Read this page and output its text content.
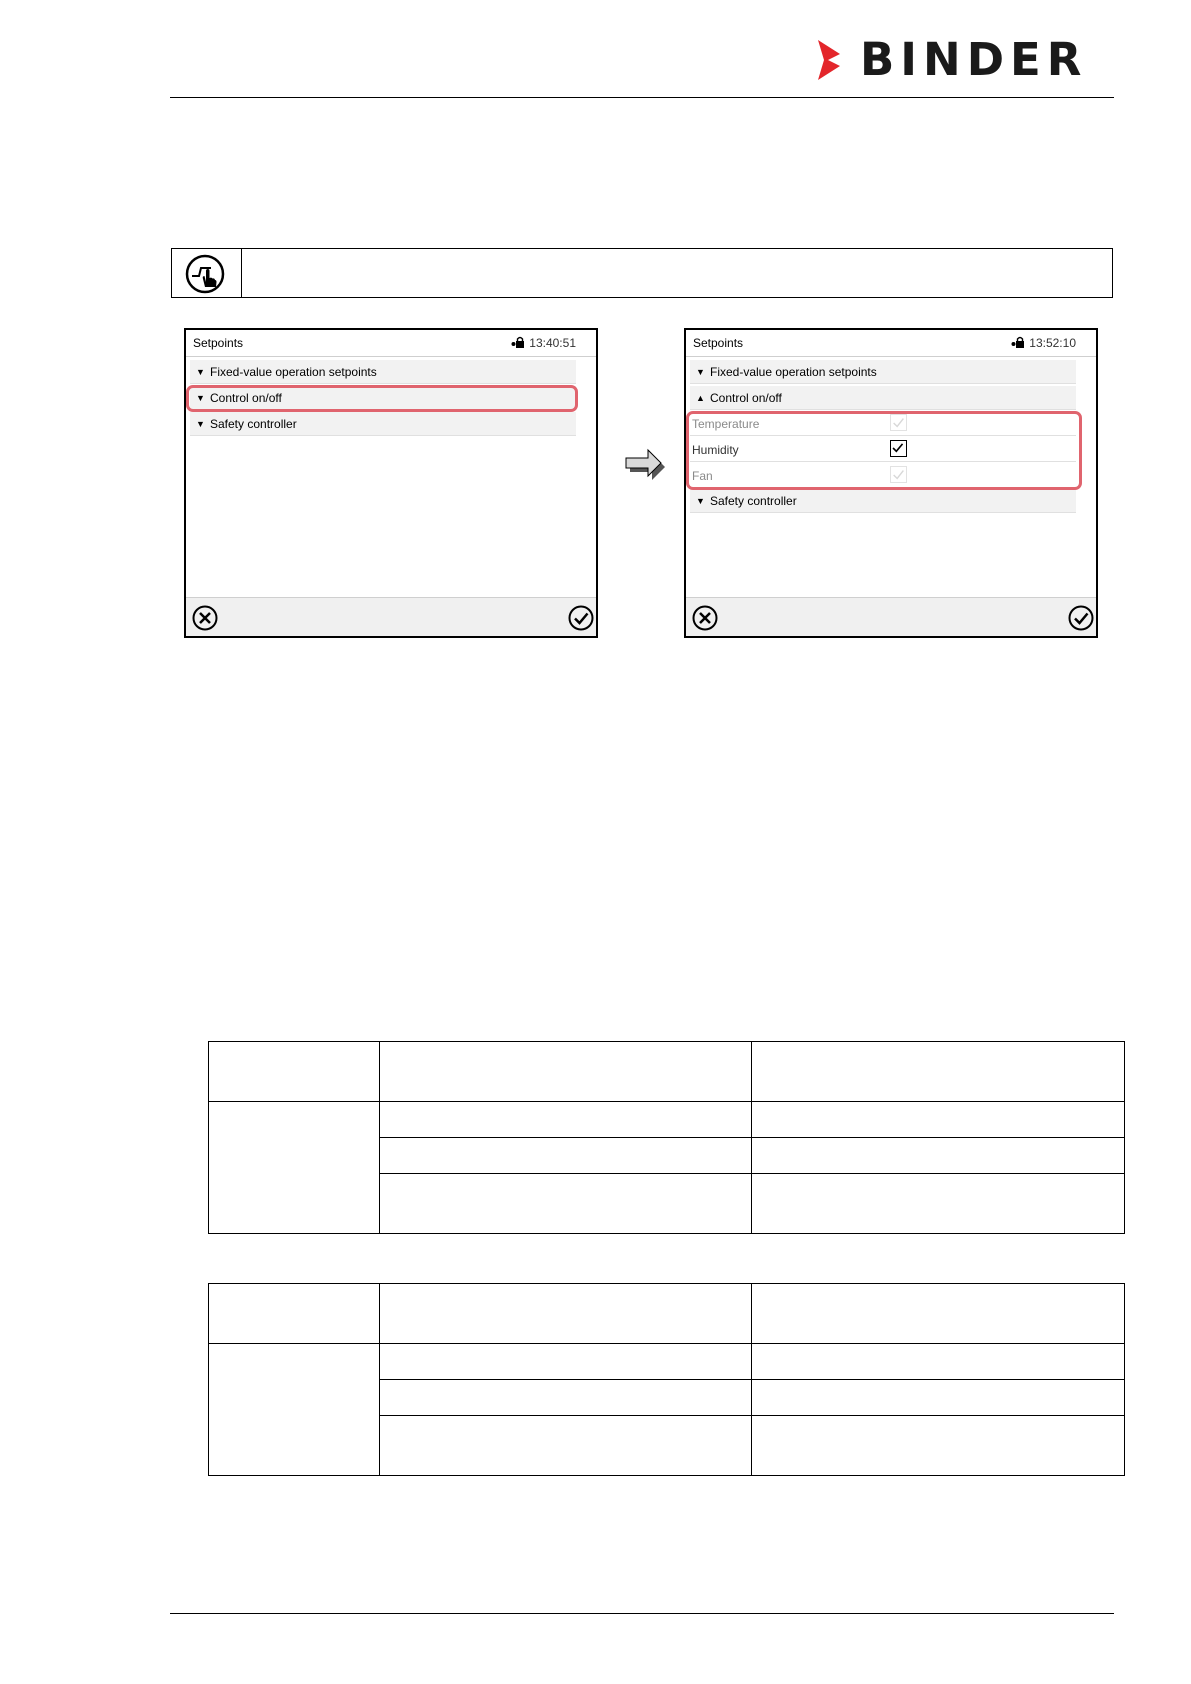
BINDER
Setpoints	13:40:51
▼ Fixed-value operation setpoints
▼ Control on/off
▼ Safety controller
Setpoints	13:52:10
▼ Fixed-value operation setpoints
▲ Control on/off
Temperature
Humidity
Fan
▼ Safety controller
